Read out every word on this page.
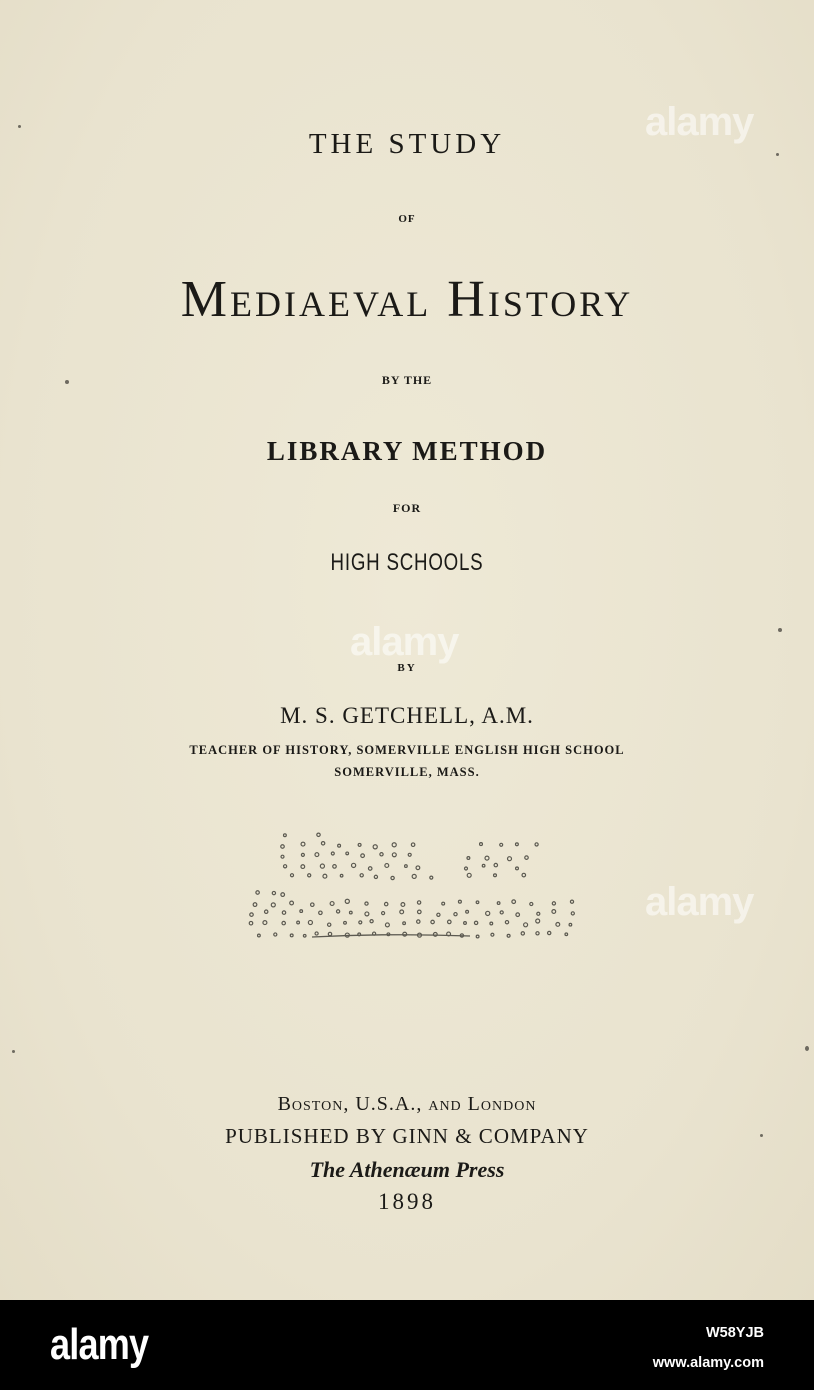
THE STUDY
OF
Mediaeval History
BY THE
LIBRARY METHOD
FOR
HIGH SCHOOLS
BY
M. S. GETCHELL, A.M.
TEACHER OF HISTORY, SOMERVILLE ENGLISH HIGH SCHOOL
SOMERVILLE, MASS.
Boston, U.S.A., and London
PUBLISHED BY GINN & COMPANY
The Athenæum Press
1898
alamy
alamy
alamy
alamy	W58YJB
www.alamy.com
